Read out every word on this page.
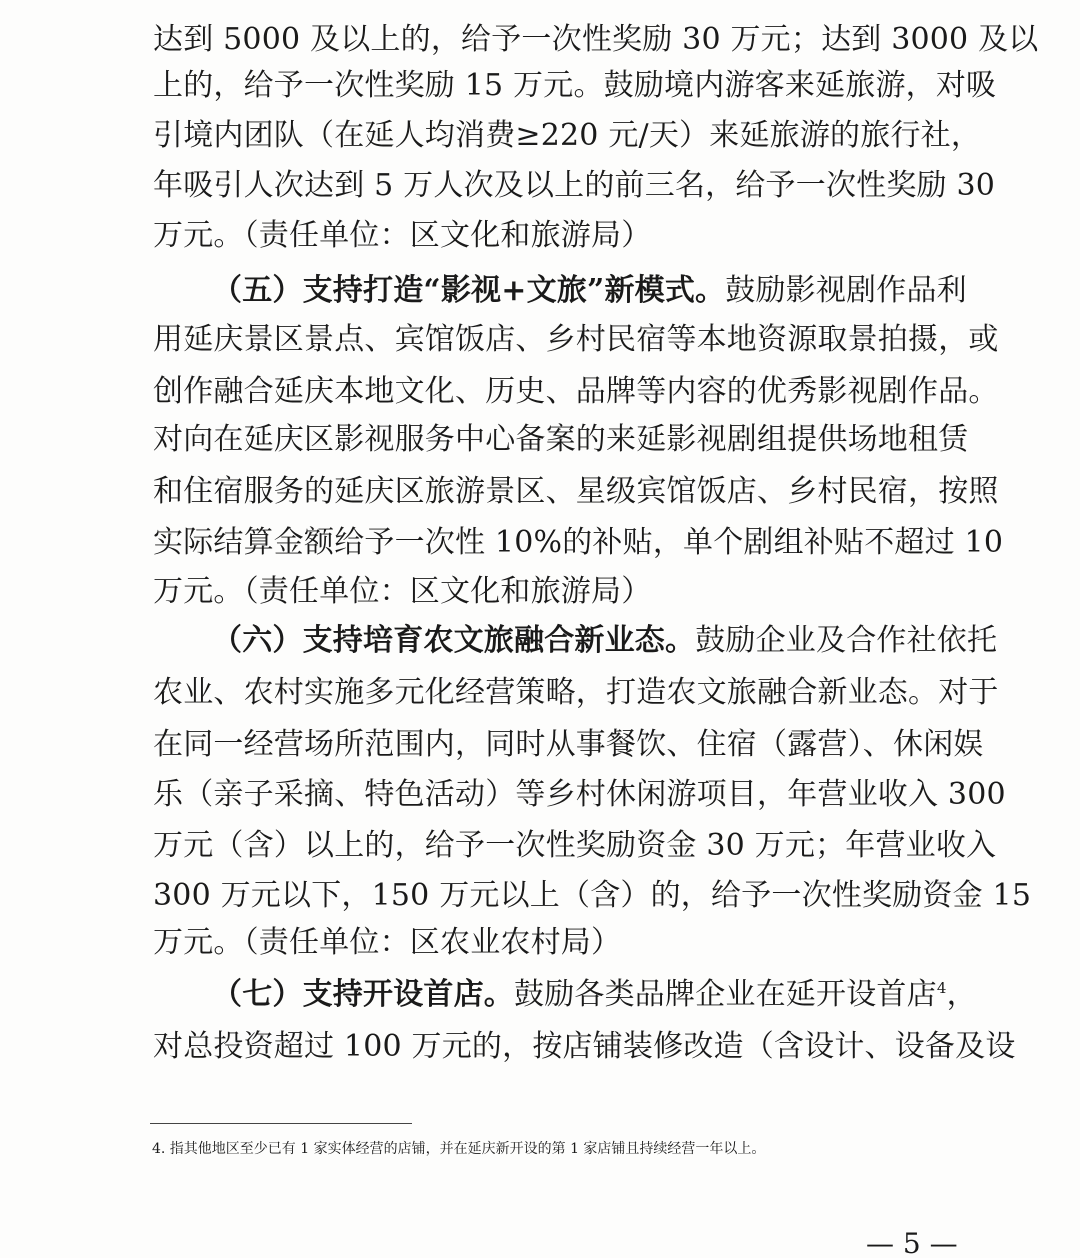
达到 5000 及以上的，给予一次性奖励 30 万元；达到 3000 及以
上的，给予一次性奖励 15 万元。鼓励境内游客来延旅游，对吸
引境内团队（在延人均消费≥220 元/天）来延旅游的旅行社，
年吸引人次达到 5 万人次及以上的前三名，给予一次性奖励 30
万元。（责任单位：区文化和旅游局）
（五）支持打造“影视+文旅”新模式。鼓励影视剧作品利
用延庆景区景点、宾馆饭店、乡村民宿等本地资源取景拍摄，或
创作融合延庆本地文化、历史、品牌等内容的优秀影视剧作品。
对向在延庆区影视服务中心备案的来延影视剧组提供场地租赁
和住宿服务的延庆区旅游景区、星级宾馆饭店、乡村民宿，按照
实际结算金额给予一次性 10%的补贴，单个剧组补贴不超过 10
万元。（责任单位：区文化和旅游局）
（六）支持培育农文旅融合新业态。鼓励企业及合作社依托
农业、农村实施多元化经营策略，打造农文旅融合新业态。对于
在同一经营场所范围内，同时从事餐饮、住宿（露营）、休闲娱
乐（亲子采摘、特色活动）等乡村休闲游项目，年营业收入 300
万元（含）以上的，给予一次性奖励资金 30 万元；年营业收入
300 万元以下，150 万元以上（含）的，给予一次性奖励资金 15
万元。（责任单位：区农业农村局）
（七）支持开设首店。鼓励各类品牌企业在延开设首店$^4$，
对总投资超过 100 万元的，按店铺装修改造（含设计、设备及设
4. 指其他地区至少已有 1 家实体经营的店铺，并在延庆新开设的第 1 家店铺且持续经营一年以上。
— 5 —
